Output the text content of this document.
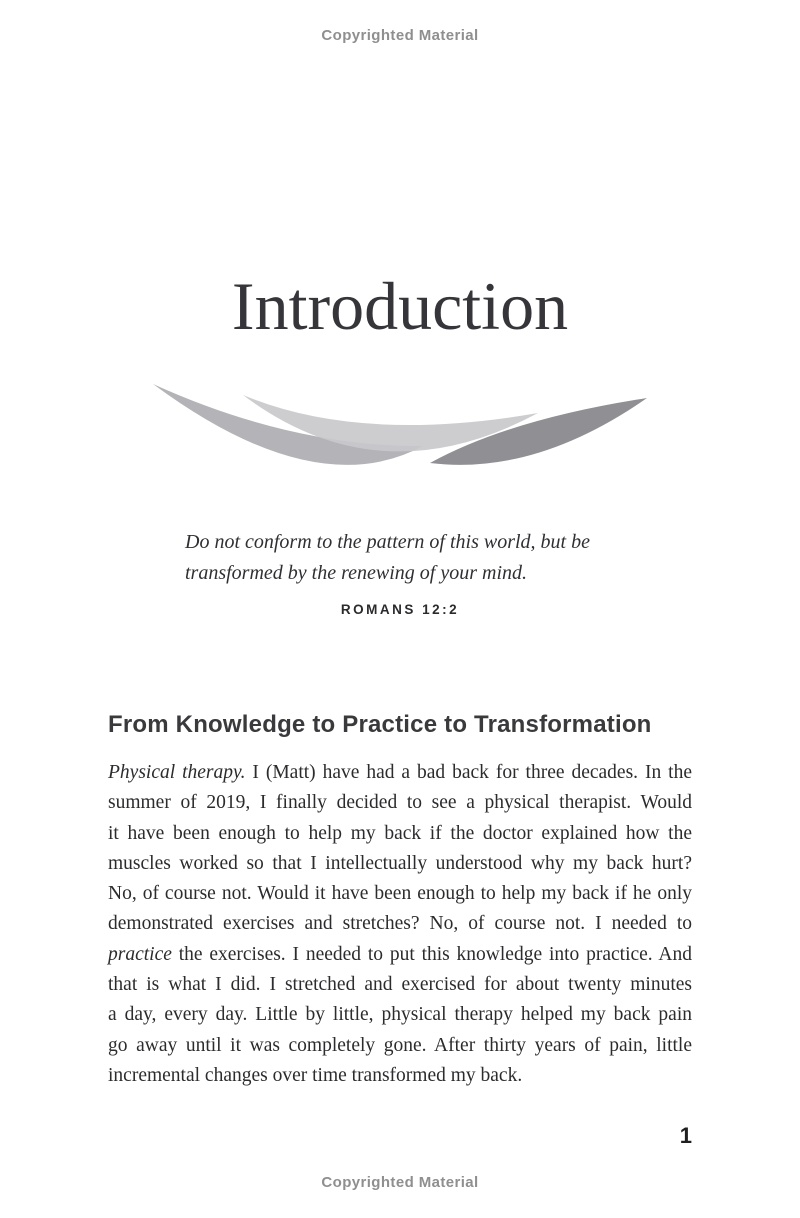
Copyrighted Material
Introduction
Do not conform to the pattern of this world, but be
transformed by the renewing of your mind.
ROMANS 12:2
From Knowledge to Practice to Transformation
Physical therapy. I (Matt) have had a bad back for three decades. In the
summer of 2019, I finally decided to see a physical therapist. Would
it have been enough to help my back if the doctor explained how the
muscles worked so that I intellectually understood why my back hurt?
No, of course not. Would it have been enough to help my back if he only
demonstrated exercises and stretches? No, of course not. I needed to
practice the exercises. I needed to put this knowledge into practice. And
that is what I did. I stretched and exercised for about twenty minutes
a day, every day. Little by little, physical therapy helped my back pain
go away until it was completely gone. After thirty years of pain, little
incremental changes over time transformed my back.
1
Copyrighted Material
